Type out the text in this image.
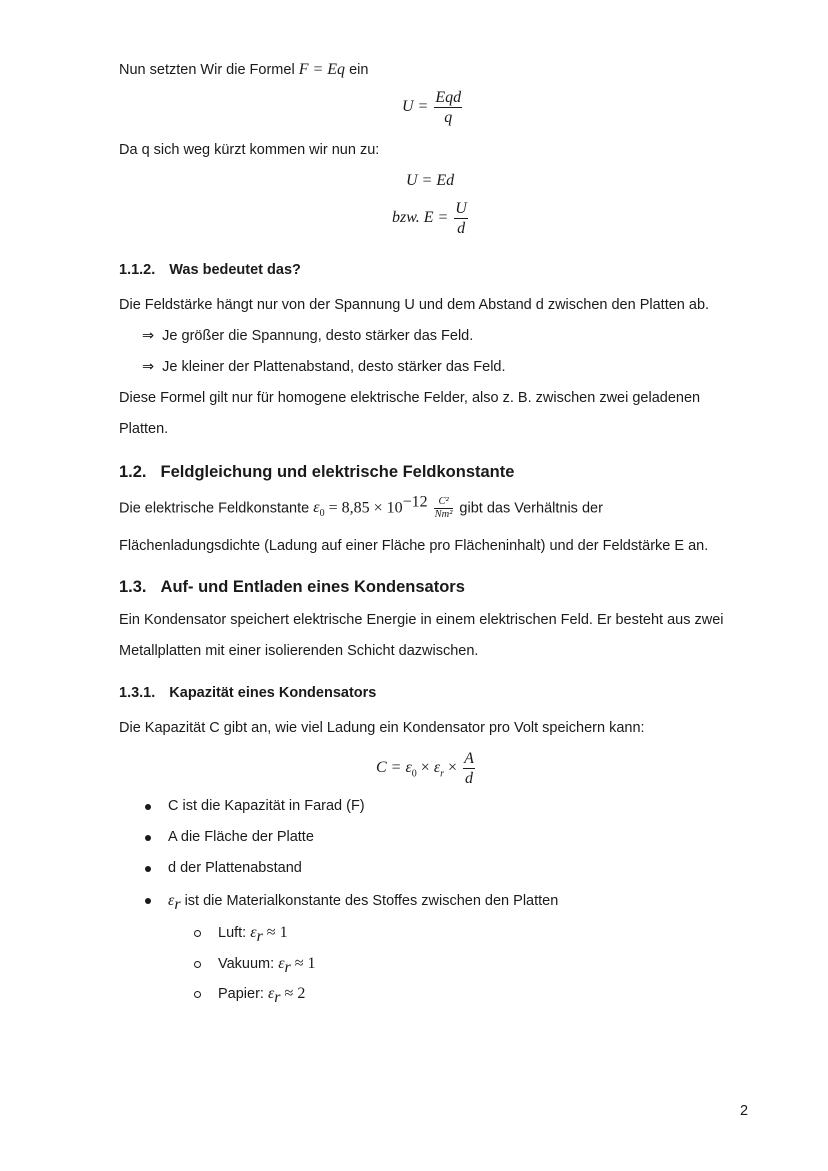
Nun setzten Wir die Formel F = Eq ein
$U = \frac{\text{Eqd}}{q}$
Da q sich weg kürzt kommen wir nun zu:
U = Ed
bzw. $E = \frac{U}{d}$
1.1.2. Was bedeutet das?
Die Feldstärke hängt nur von der Spannung U und dem Abstand d zwischen den Platten ab.
⇒ Je größer die Spannung, desto stärker das Feld.
⇒ Je kleiner der Plattenabstand, desto stärker das Feld.
Diese Formel gilt nur für homogene elektrische Felder, also z. B. zwischen zwei geladenen
Platten.
1.2. Feldgleichung und elektrische Feldkonstante
Die elektrische Feldkonstante $\varepsilon_0 = 8,85 \times 10^{-12} \frac{\text{C²}}{\text{Nm²}}$ gibt das Verhältnis der
Flächenladungsdichte (Ladung auf einer Fläche pro Flächeninhalt) und der Feldstärke E an.
1.3. Auf- und Entladen eines Kondensators
Ein Kondensator speichert elektrische Energie in einem elektrischen Feld. Er besteht aus zwei
Metallplatten mit einer isolierenden Schicht dazwischen.
1.3.1. Kapazität eines Kondensators
Die Kapazität C gibt an, wie viel Ladung ein Kondensator pro Volt speichern kann:
$C = \varepsilon_0 \times \varepsilon_r \times \frac{A}{d}$
C ist die Kapazität in Farad (F)
A die Fläche der Platte
d der Plattenabstand
$\varepsilon_r$ ist die Materialkonstante des Stoffes zwischen den Platten
Luft: $\varepsilon_r \approx 1$
Vakuum: $\varepsilon_r \approx 1$
Papier: $\varepsilon_r \approx 2$
2
